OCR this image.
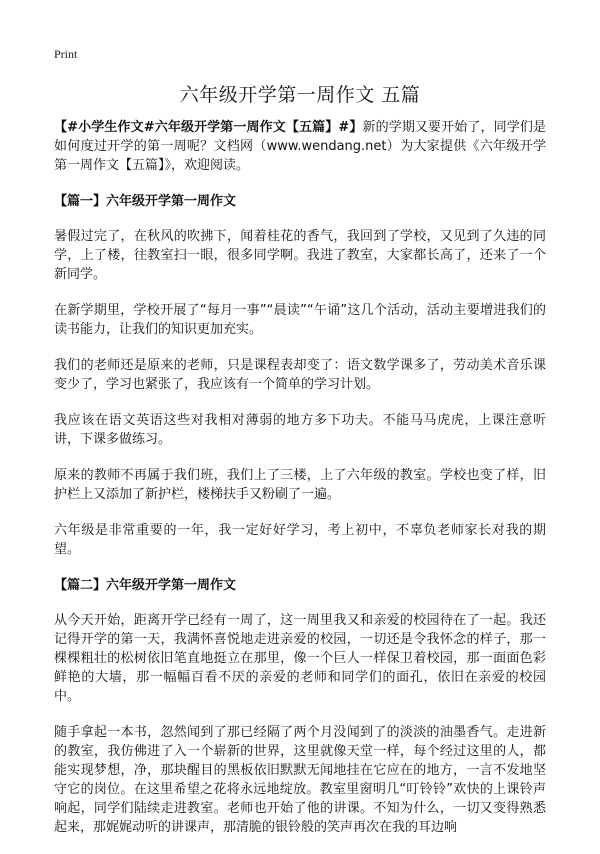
Print
六年级开学第一周作文 五篇

【#小学生作文#六年级开学第一周作文【五篇】#】新的学期又要开始了，同学们是如何度过开学的第一周呢？文档网（www.wendang.net）为大家提供《六年级开学第一周作文【五篇】》，欢迎阅读。

【篇一】六年级开学第一周作文

暑假过完了，在秋风的吹拂下，闻着桂花的香气，我回到了学校，又见到了久违的同学，上了楼，往教室扫一眼，很多同学啊。我进了教室，大家都长高了，还来了一个新同学。

在新学期里，学校开展了“每月一事”“晨读”“午诵”这几个活动，活动主要增进我们的读书能力，让我们的知识更加充实。

我们的老师还是原来的老师，只是课程表却变了：语文数学课多了，劳动美术音乐课变少了，学习也紧张了，我应该有一个简单的学习计划。

我应该在语文英语这些对我相对薄弱的地方多下功夫。不能马马虎虎，上课注意听讲，下课多做练习。

原来的教师不再属于我们班，我们上了三楼，上了六年级的教室。学校也变了样，旧护栏上又添加了新护栏，楼梯扶手又粉刷了一遍。

六年级是非常重要的一年，我一定好好学习，考上初中，不辜负老师家长对我的期望。

【篇二】六年级开学第一周作文

从今天开始，距离开学已经有一周了，这一周里我又和亲爱的校园待在了一起。我还记得开学的第一天，我满怀喜悦地走进亲爱的校园，一切还是令我怀念的样子，那一棵棵粗壮的松树依旧笔直地挺立在那里，像一个巨人一样保卫着校园，那一面面色彩鲜艳的大墙，那一幅幅百看不厌的亲爱的老师和同学们的面孔，依旧在亲爱的校园中。

随手拿起一本书，忽然闻到了那已经隔了两个月没闻到了的淡淡的油墨香气。走进新的教室，我仿佛进了入一个崭新的世界，这里就像天堂一样，每个经过这里的人，都能实现梦想，净，那块醒目的黑板依旧默默无闻地挂在它应在的地方，一言不发地坚守它的岗位。在这里希望之花将永远地绽放。教室里窗明几“叮铃铃”欢快的上课铃声响起，同学们陆续走进教室。老师也开始了他的讲课。不知为什么，一切又变得熟悉起来，那娓娓动听的讲课声，那清脆的银铃般的笑声再次在我的耳边响
